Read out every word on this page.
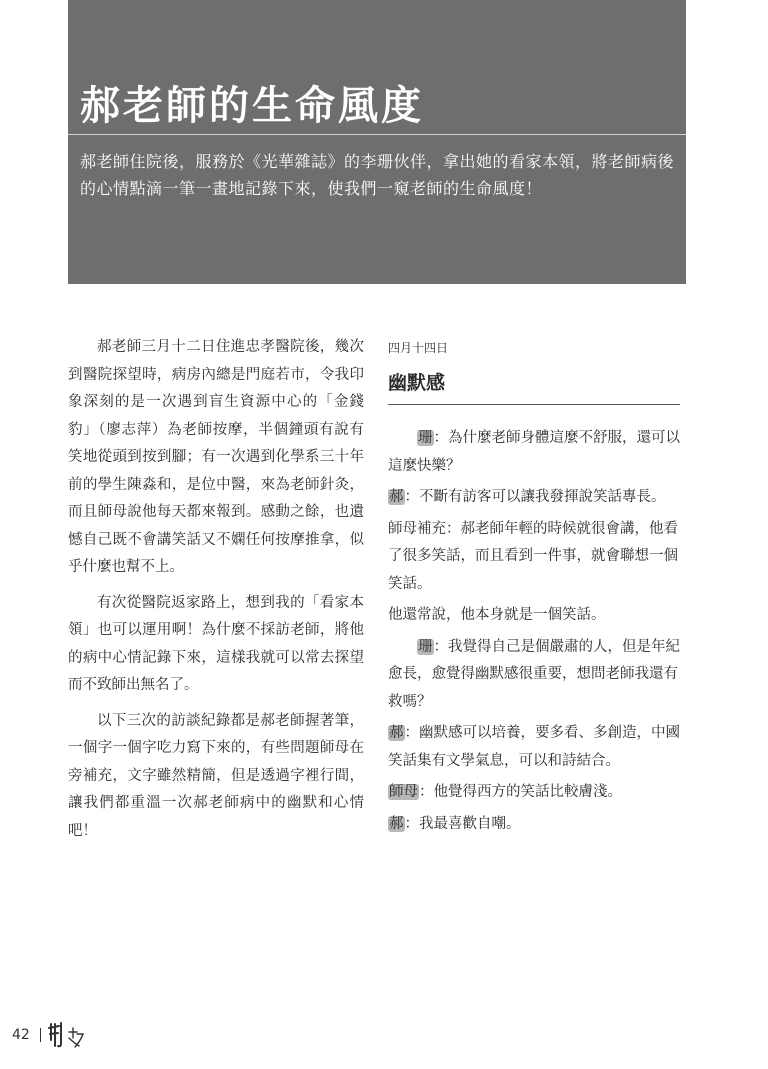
郝老師的生命風度

郝老師住院後，服務於《光華雜誌》的李珊伙伴，拿出她的看家本領，將老師病後的心情點滴一筆一畫地記錄下來，使我們一窺老師的生命風度！

郝老師三月十二日住進忠孝醫院後，幾次到醫院探望時，病房內總是門庭若市，令我印象深刻的是一次遇到盲生資源中心的「金錢豹」（廖志萍）為老師按摩，半個鐘頭有說有笑地從頭到按到腳；有一次遇到化學系三十年前的學生陳淼和，是位中醫，來為老師針灸，而且師母說他每天都來報到。感動之餘，也遺憾自己既不會講笑話又不嫻任何按摩推拿，似乎什麼也幫不上。

有次從醫院返家路上，想到我的「看家本領」也可以運用啊！為什麼不採訪老師，將他的病中心情記錄下來，這樣我就可以常去探望而不致師出無名了。

以下三次的訪談紀錄都是郝老師握著筆，一個字一個字吃力寫下來的，有些問題師母在旁補充，文字雖然精簡，但是透過字裡行間，讓我們都重溫一次郝老師病中的幽默和心情吧！

四月十四日

幽默感

珊：為什麼老師身體這麼不舒服，還可以這麼快樂？

郝：不斷有訪客可以讓我發揮說笑話專長。

師母補充：郝老師年輕的時候就很會講，他看了很多笑話，而且看到一件事，就會聯想一個笑話。

他還常說，他本身就是一個笑話。

珊：我覺得自己是個嚴肅的人，但是年紀愈長，愈覺得幽默感很重要，想問老師我還有救嗎？

郝：幽默感可以培養，要多看、多創造，中國笑話集有文學氣息，可以和詩結合。

師母：他覺得西方的笑話比較膚淺。

郝：我最喜歡自嘲。

42
